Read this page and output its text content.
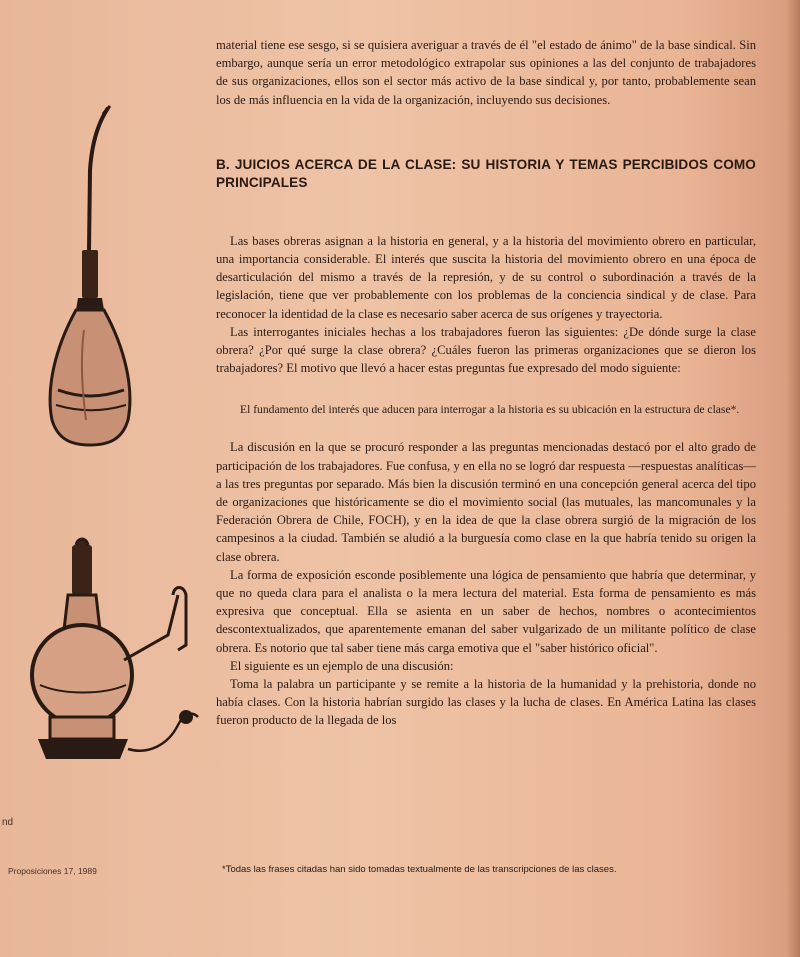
nd
Proposiciones 17, 1989

material tiene ese sesgo, si se quisiera averiguar a través de él "el estado de ánimo" de la base sindical. Sin embargo, aunque sería un error metodológico extrapolar sus opiniones a las del conjunto de trabajadores de sus organizaciones, ellos son el sector más activo de la base sindical y, por tanto, probablemente sean los de más influencia en la vida de la organización, incluyendo sus decisiones.

B. JUICIOS ACERCA DE LA CLASE: SU HISTORIA Y TEMAS PERCIBIDOS COMO PRINCIPALES

Las bases obreras asignan a la historia en general, y a la historia del movimiento obrero en particular, una importancia considerable. El interés que suscita la historia del movimiento obrero en una época de desarticulación del mismo a través de la represión, y de su control o subordinación a través de la legislación, tiene que ver probablemente con los problemas de la conciencia sindical y de clase. Para reconocer la identidad de la clase es necesario saber acerca de sus orígenes y trayectoria.

Las interrogantes iniciales hechas a los trabajadores fueron las siguientes: ¿De dónde surge la clase obrera? ¿Por qué surge la clase obrera? ¿Cuáles fueron las primeras organizaciones que se dieron los trabajadores? El motivo que llevó a hacer estas preguntas fue expresado del modo siguiente:

El fundamento del interés que aducen para interrogar a la historia es su ubicación en la estructura de clase*.

La discusión en la que se procuró responder a las preguntas mencionadas destacó por el alto grado de participación de los trabajadores. Fue confusa, y en ella no se logró dar respuesta —respuestas analíticas— a las tres preguntas por separado. Más bien la discusión terminó en una concepción general acerca del tipo de organizaciones que históricamente se dio el movimiento social (las mutuales, las mancomunales y la Federación Obrera de Chile, FOCH), y en la idea de que la clase obrera surgió de la migración de los campesinos a la ciudad. También se aludió a la burguesía como clase en la que habría tenido su origen la clase obrera.

La forma de exposición esconde posiblemente una lógica de pensamiento que habría que determinar, y que no queda clara para el analista o la mera lectura del material. Esta forma de pensamiento es más expresiva que conceptual. Ella se asienta en un saber de hechos, nombres o acontecimientos descontextualizados, que aparentemente emanan del saber vulgarizado de un militante político de clase obrera. Es notorio que tal saber tiene más carga emotiva que el "saber histórico oficial".

El siguiente es un ejemplo de una discusión:

Toma la palabra un participante y se remite a la historia de la humanidad y la prehistoria, donde no había clases. Con la historia habrían surgido las clases y la lucha de clases. En América Latina las clases fueron producto de la llegada de los

*Todas las frases citadas han sido tomadas textualmente de las transcripciones de las clases.
